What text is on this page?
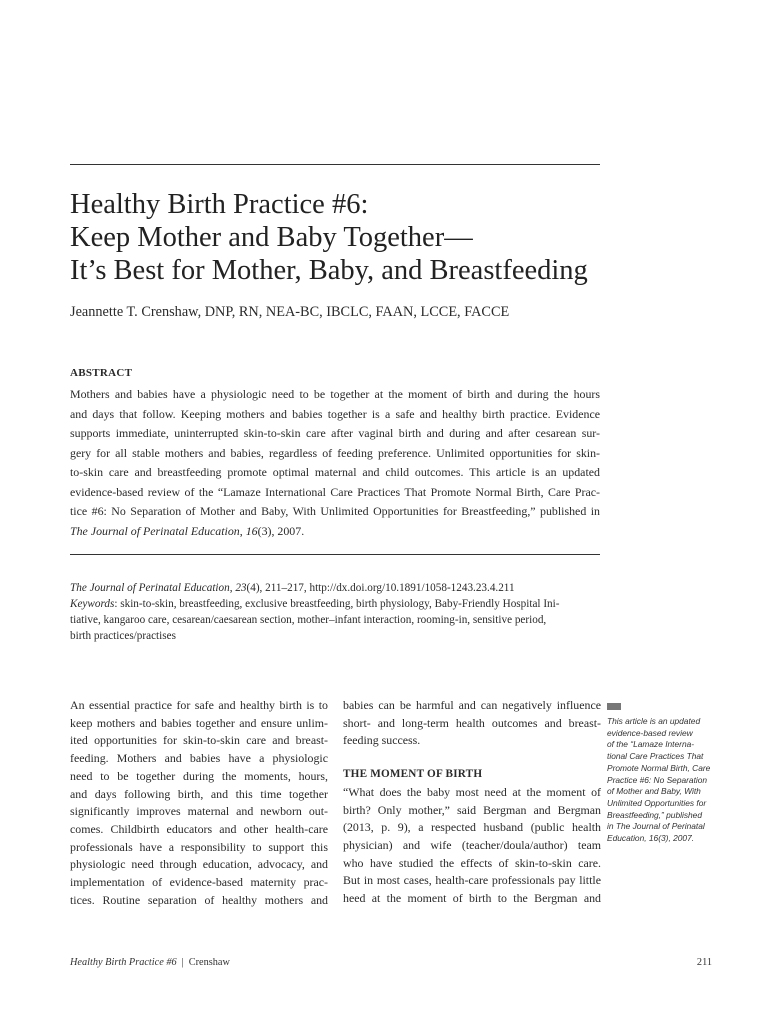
Healthy Birth Practice #6:
Keep Mother and Baby Together—
It’s Best for Mother, Baby, and Breastfeeding
Jeannette T. Crenshaw, DNP, RN, NEA-BC, IBCLC, FAAN, LCCE, FACCE
ABSTRACT
Mothers and babies have a physiologic need to be together at the moment of birth and during the hours
and days that follow. Keeping mothers and babies together is a safe and healthy birth practice. Evidence
supports immediate, uninterrupted skin-to-skin care after vaginal birth and during and after cesarean sur-
gery for all stable mothers and babies, regardless of feeding preference. Unlimited opportunities for skin-
to-skin care and breastfeeding promote optimal maternal and child outcomes. This article is an updated
evidence-based review of the “Lamaze International Care Practices That Promote Normal Birth, Care Prac-
tice #6: No Separation of Mother and Baby, With Unlimited Opportunities for Breastfeeding,” published in
The Journal of Perinatal Education, 16(3), 2007.
The Journal of Perinatal Education, 23(4), 211–217, http://dx.doi.org/10.1891/1058-1243.23.4.211
Keywords: skin-to-skin, breastfeeding, exclusive breastfeeding, birth physiology, Baby-Friendly Hospital Ini-
tiative, kangaroo care, cesarean/caesarean section, mother–infant interaction, rooming-in, sensitive period,
birth practices/practises
An essential practice for safe and healthy birth is to
keep mothers and babies together and ensure unlim-
ited opportunities for skin-to-skin care and breast-
feeding. Mothers and babies have a physiologic
need to be together during the moments, hours,
and days following birth, and this time together
significantly improves maternal and newborn out-
comes. Childbirth educators and other health-care
professionals have a responsibility to support this
physiologic need through education, advocacy, and
implementation of evidence-based maternity prac-
tices. Routine separation of healthy mothers and
babies can be harmful and can negatively influence
short- and long-term health outcomes and breast-
feeding success.
THE MOMENT OF BIRTH
“What does the baby most need at the moment of
birth? Only mother,” said Bergman and Bergman
(2013, p. 9), a respected husband (public health
physician) and wife (teacher/doula/author) team
who have studied the effects of skin-to-skin care.
But in most cases, health-care professionals pay little
heed at the moment of birth to the Bergman and
This article is an updated
evidence-based review
of the “Lamaze Interna-
tional Care Practices That
Promote Normal Birth, Care
Practice #6: No Separation
of Mother and Baby, With
Unlimited Opportunities for
Breastfeeding,” published
in The Journal of Perinatal
Education, 16(3), 2007.
Healthy Birth Practice #6 | Crenshaw	211
